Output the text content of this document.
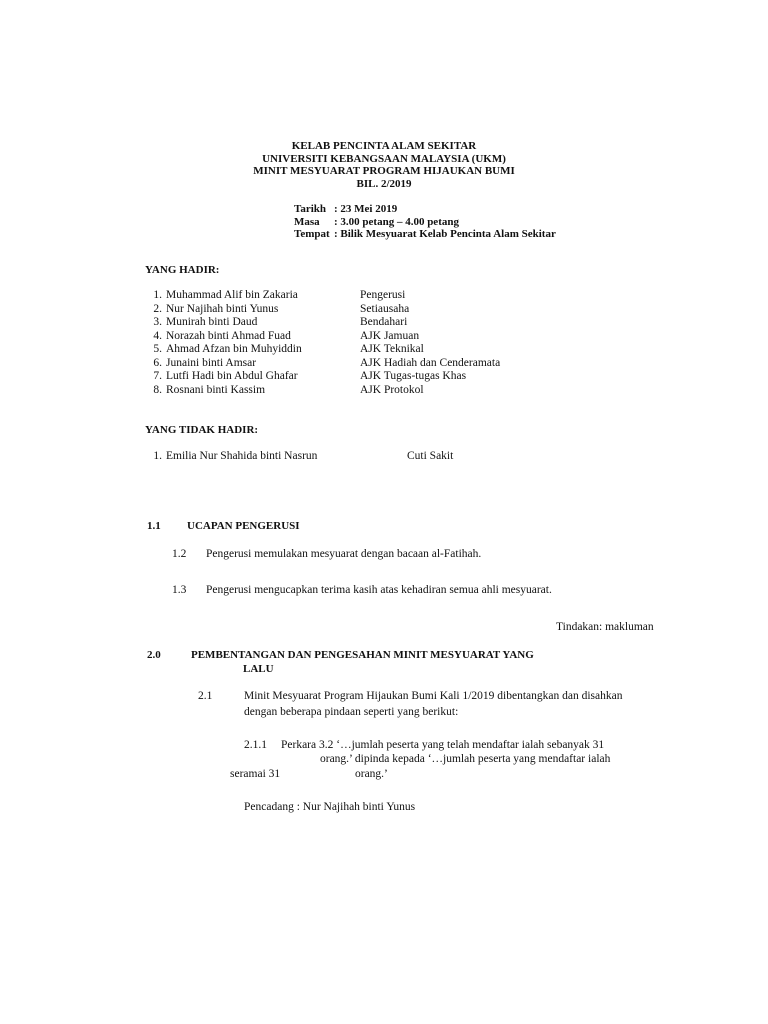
KELAB PENCINTA ALAM SEKITAR
UNIVERSITI KEBANGSAAN MALAYSIA (UKM)
MINIT MESYUARAT PROGRAM HIJAUKAN BUMI
BIL. 2/2019
Tarikh : 23 Mei 2019
Masa	: 3.00 petang – 4.00 petang
Tempat : Bilik Mesyuarat Kelab Pencinta Alam Sekitar
YANG HADIR:
1. Muhammad Alif bin Zakaria	Pengerusi
2. Nur Najihah binti Yunus	Setiausaha
3. Munirah binti Daud	Bendahari
4. Norazah binti Ahmad Fuad	AJK Jamuan
5. Ahmad Afzan bin Muhyiddin	AJK Teknikal
6. Junaini binti Amsar	AJK Hadiah dan Cenderamata
7. Lutfi Hadi bin Abdul Ghafar	AJK Tugas-tugas Khas
8. Rosnani binti Kassim	AJK Protokol
YANG TIDAK HADIR:
1. Emilia Nur Shahida binti Nasrun	Cuti Sakit
1.1 UCAPAN PENGERUSI
1.2 Pengerusi memulakan mesyuarat dengan bacaan al-Fatihah.
1.3 Pengerusi mengucapkan terima kasih atas kehadiran semua ahli mesyuarat.
Tindakan: makluman
2.0	PEMBENTANGAN DAN PENGESAHAN MINIT MESYUARAT YANG
LALU
2.1	Minit Mesyuarat Program Hijaukan Bumi Kali 1/2019 dibentangkan dan disahkan
dengan beberapa pindaan seperti yang berikut:
2.1.1 Perkara 3.2 ‘…jumlah peserta yang telah mendaftar ialah sebanyak 31
orang.’ dipinda kepada ‘…jumlah peserta yang mendaftar ialah
seramai 31	orang.’
Pencadang : Nur Najihah binti Yunus
